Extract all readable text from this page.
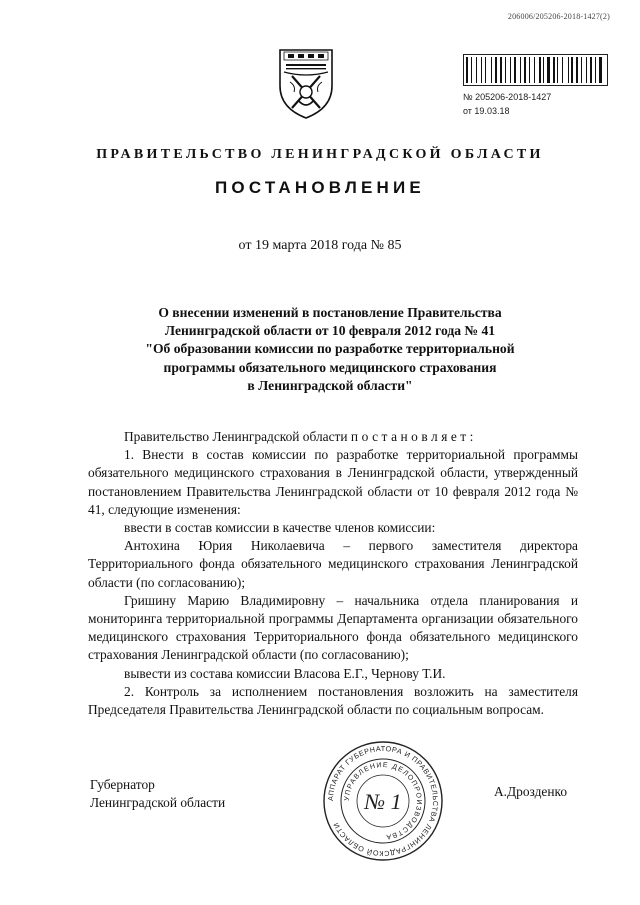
206006/205206-2018-1427(2)
№ 205206-2018-1427
от 19.03.18
ПРАВИТЕЛЬСТВО ЛЕНИНГРАДСКОЙ ОБЛАСТИ
ПОСТАНОВЛЕНИЕ
от 19 марта 2018 года № 85
О внесении изменений в постановление Правительства
Ленинградской области от 10 февраля 2012 года № 41
"Об образовании комиссии по разработке территориальной
программы обязательного медицинского страхования
в Ленинградской области"

Правительство Ленинградской области постановляет:

1. Внести в состав комиссии по разработке территориальной программы обязательного медицинского страхования в Ленинградской области, утвержденный постановлением Правительства Ленинградской области от 10 февраля 2012 года № 41, следующие изменения:

ввести в состав комиссии в качестве членов комиссии:

Антохина Юрия Николаевича – первого заместителя директора Территориального фонда обязательного медицинского страхования Ленинградской области (по согласованию);

Гришину Марию Владимировну – начальника отдела планирования и мониторинга территориальной программы Департамента организации обязательного медицинского страхования Территориального фонда обязательного медицинского страхования Ленинградской области (по согласованию);

вывести из состава комиссии Власова Е.Г., Чернову Т.И.

2. Контроль за исполнением постановления возложить на заместителя Председателя Правительства Ленинградской области по социальным вопросам.

Губернатор
Ленинградской области
А.Дрозденко
АППАРАТ ГУБЕРНАТОРА И ПРАВИТЕЛЬСТВА ЛЕНИНГРАДСКОЙ ОБЛАСТИ
УПРАВЛЕНИЕ ДЕЛОПРОИЗВОДСТВА
№ 1
